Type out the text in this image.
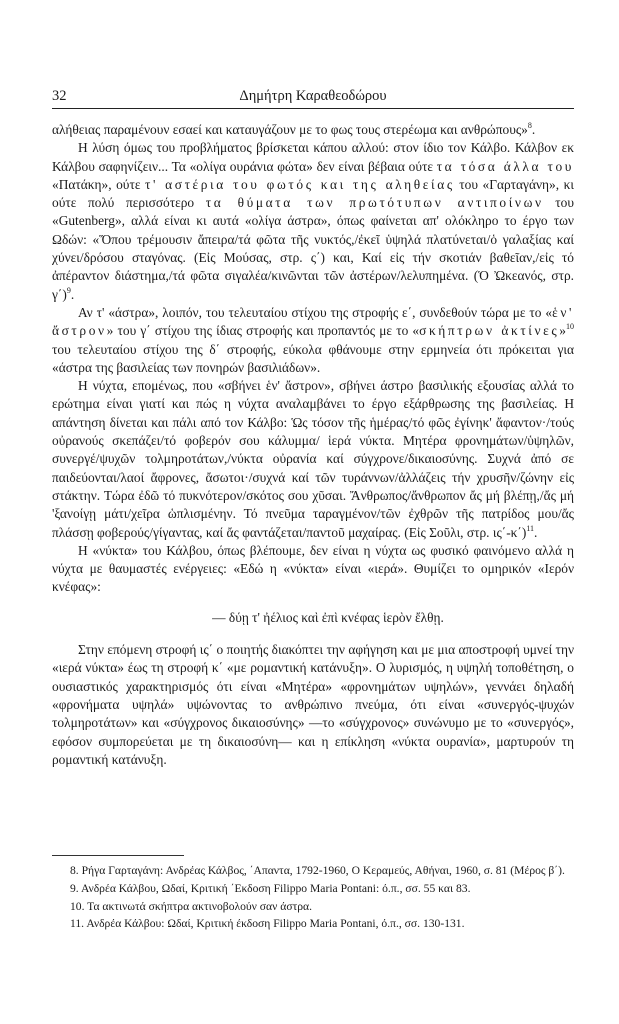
32	Δημήτρη Καραθεοδώρου

αλήθειας παραμένουν εσαεί και καταυγάζουν με το φως τους στερέωμα και ανθρώπους»$^8$.

Η λύση όμως του προβλήματος βρίσκεται κάπου αλλού: στον ίδιο τον Κάλβο. Κάλβον εκ Κάλβου σαφηνίζειν... Τα «ολίγα ουράνια φώτα» δεν είναι βέβαια ούτε τα τόσα άλλα του «Πατάκη», ούτε τ' αστέρια του φωτός και της αληθείας του «Γαρταγάνη», κι ούτε πολύ περισσότερο τα θύματα των πρωτότυπων αντιποίνων του «Gutenberg», αλλά είναι κι αυτά «ολίγα άστρα», όπως φαίνεται απ' ολόκληρο το έργο των Ωδών: «Ὅπου τρέμουσιν ἄπειρα/τά φῶτα τῆς νυκτός,/ἐκεῖ ὑψηλά πλατύνεται/ὁ γαλαξίας καί χύνει/δρόσου σταγόνας. (Εἰς Μούσας, στρ. ς΄) και, Καί εἰς τήν σκοτιάν βαθεῖαν,/εἰς τό ἀπέραντον διάστημα,/τά φῶτα σιγαλέα/κινῶνται τῶν ἀστέρων/λελυπημένα. (Ὁ Ὠκεανός, στρ. γ΄)$^9$.

Αν τ' «άστρα», λοιπόν, του τελευταίου στίχου της στροφής ε΄, συνδεθούν τώρα με το «ἑν' ἄστρον» του γ΄ στίχου της ίδιας στροφής και προπαντός με το «σκήπτρων ἀκτίνες»$^{10}$ του τελευταίου στίχου της δ΄ στροφής, εύκολα φθάνουμε στην ερμηνεία ότι πρόκειται για «άστρα της βασιλείας των πονηρών βασιλιάδων».

Η νύχτα, επομένως, που «σβήνει ἑν' ἄστρον», σβήνει άστρο βασιλικής εξουσίας αλλά το ερώτημα είναι γιατί και πώς η νύχτα αναλαμβάνει το έργο εξάρθρωσης της βασιλείας. Η απάντηση δίνεται και πάλι από τον Κάλβο: Ὡς τόσον τῆς ἡμέρας/τό φῶς ἐγίνηκ' ἄφαντον·/τούς οὐρανούς σκεπάζει/τό φοβερόν σου κάλυμμα/ ἱερά νύκτα. Μητέρα φρονημάτων/ὑψηλῶν, συνεργέ/ψυχῶν τολμηροτάτων,/νύκτα οὐρανία καί σύγχρονε/δικαιοσύνης. Συχνά ἀπό σε παιδεύονται/λαοί ἄφρονες, ἄσωτοι·/συχνά καί τῶν τυράννων/ἀλλάζεις τήν χρυσῆν/ζώνην εἰς στάκτην. Τώρα ἐδῶ τό πυκνότερον/σκότος σου χῦσαι. Ἄνθρωπος/ἄνθρωπον ἄς μή βλέπῃ,/ἄς μή 'ξανοίγῃ μάτι/χεῖρα ὡπλισμένην. Τό πνεῦμα ταραγμένον/τῶν ἐχθρῶν τῆς πατρίδος μου/ἄς πλάσσῃ φοβερούς/γίγαντας, καί ἄς φαντάζεται/παντοῦ μαχαίρας. (Εἰς Σοῦλι, στρ. ις΄-κ΄)$^{11}$.

Η «νύκτα» του Κάλβου, όπως βλέπουμε, δεν είναι η νύχτα ως φυσικό φαινόμενο αλλά η νύχτα με θαυμαστές ενέργειες: «Εδώ η «νύκτα» είναι «ιερά». Θυμίζει το ομηρικόν «Ιερόν κνέφας»:

— δύῃ τ' ἠέλιος καὶ ἐπὶ κνέφας ἱερὸν ἔλθῃ.

Στην επόμενη στροφή ις΄ ο ποιητής διακόπτει την αφήγηση και με μια αποστροφή υμνεί την «ιερά νύκτα» έως τη στροφή κ΄ «με ρομαντική κατάνυξη». Ο λυρισμός, η υψηλή τοποθέτηση, ο ουσιαστικός χαρακτηρισμός ότι είναι «Μητέρα» «φρονημάτων υψηλών», γεννάει δηλαδή «φρονήματα υψηλά» υψώνοντας το ανθρώπινο πνεύμα, ότι είναι «συνεργός-ψυχών τολμηροτάτων» και «σύγχρονος δικαιοσύνης» —το «σύγχρονος» συνώνυμο με το «συνεργός», εφόσον συμπορεύεται με τη δικαιοσύνη— και η επίκληση «νύκτα ουρανία», μαρτυρούν τη ρομαντική κατάνυξη.

8. Ρήγα Γαρταγάνη: Ανδρέας Κάλβος, ΄Απαντα, 1792-1960, Ο Κεραμεύς, Αθήναι, 1960, σ. 81 (Μέρος β΄).

9. Ανδρέα Κάλβου, Ωδαί, Κριτική ΄Εκδοση Filippo Maria Pontani: ό.π., σσ. 55 και 83.

10. Τα ακτινωτά σκήπτρα ακτινοβολούν σαν άστρα.

11. Ανδρέα Κάλβου: Ωδαί, Κριτική έκδοση Filippo Maria Pontani, ό.π., σσ. 130-131.
